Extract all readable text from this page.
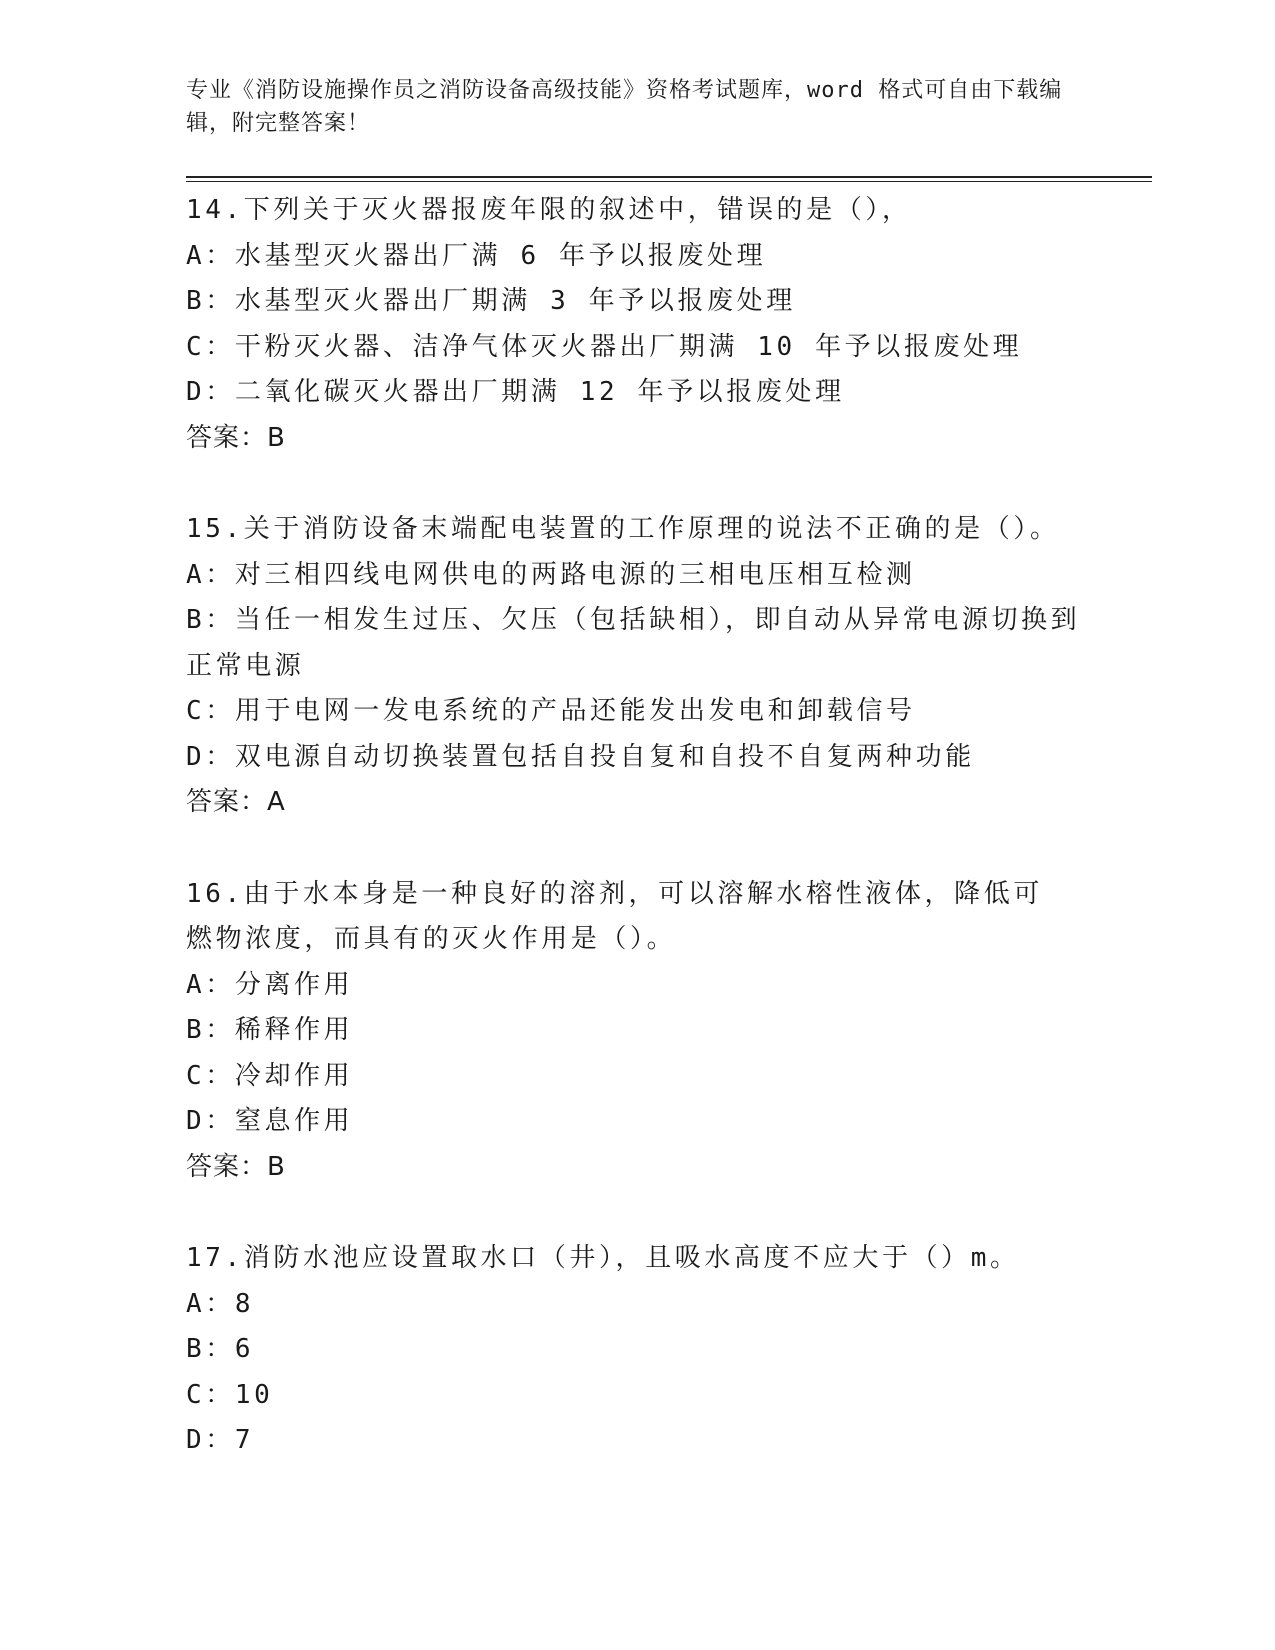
专业《消防设施操作员之消防设备高级技能》资格考试题库，word 格式可自由下载编辑，附完整答案！
14.下列关于灭火器报废年限的叙述中，错误的是（），
A：水基型灭火器出厂满 6 年予以报废处理
B：水基型灭火器出厂期满 3 年予以报废处理
C：干粉灭火器、洁净气体灭火器出厂期满 10 年予以报废处理
D：二氧化碳灭火器出厂期满 12 年予以报废处理
答案：B
15.关于消防设备末端配电装置的工作原理的说法不正确的是（）。
A：对三相四线电网供电的两路电源的三相电压相互检测
B：当任一相发生过压、欠压（包括缺相），即自动从异常电源切换到正常电源
C：用于电网一发电系统的产品还能发出发电和卸载信号
D：双电源自动切换装置包括自投自复和自投不自复两种功能
答案：A
16.由于水本身是一种良好的溶剂，可以溶解水榕性液体，降低可燃物浓度，而具有的灭火作用是（）。
A：分离作用
B：稀释作用
C：冷却作用
D：窒息作用
答案：B
17.消防水池应设置取水口（井），且吸水高度不应大于（）m。
A：8
B：6
C：10
D：7
